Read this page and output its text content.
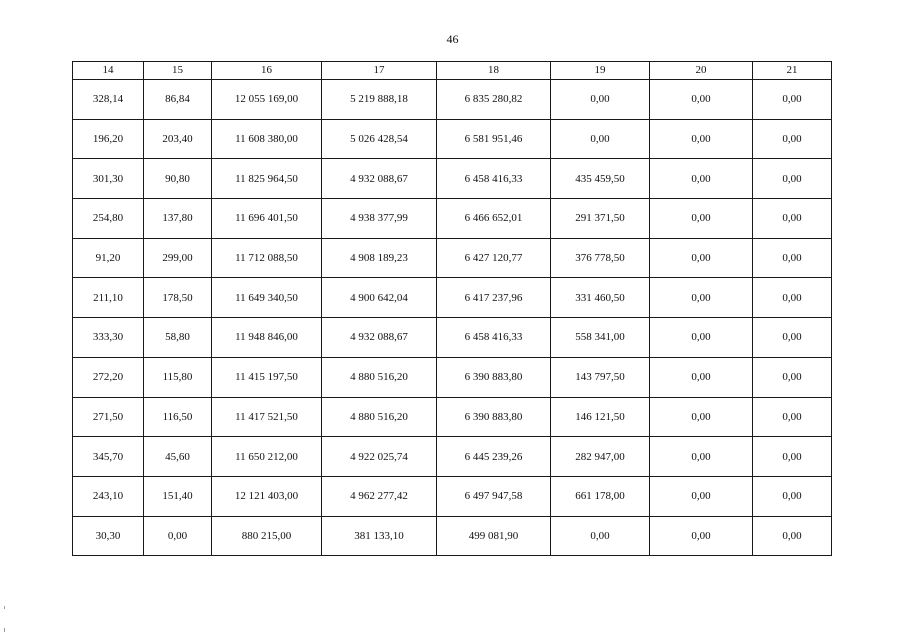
46
14	15	16	17	18	19	20	21
328,14	86,84	12 055 169,00	5 219 888,18	6 835 280,82	0,00	0,00	0,00
196,20	203,40	11 608 380,00	5 026 428,54	6 581 951,46	0,00	0,00	0,00
301,30	90,80	11 825 964,50	4 932 088,67	6 458 416,33	435 459,50	0,00	0,00
254,80	137,80	11 696 401,50	4 938 377,99	6 466 652,01	291 371,50	0,00	0,00
91,20	299,00	11 712 088,50	4 908 189,23	6 427 120,77	376 778,50	0,00	0,00
211,10	178,50	11 649 340,50	4 900 642,04	6 417 237,96	331 460,50	0,00	0,00
333,30	58,80	11 948 846,00	4 932 088,67	6 458 416,33	558 341,00	0,00	0,00
272,20	115,80	11 415 197,50	4 880 516,20	6 390 883,80	143 797,50	0,00	0,00
271,50	116,50	11 417 521,50	4 880 516,20	6 390 883,80	146 121,50	0,00	0,00
345,70	45,60	11 650 212,00	4 922 025,74	6 445 239,26	282 947,00	0,00	0,00
243,10	151,40	12 121 403,00	4 962 277,42	6 497 947,58	661 178,00	0,00	0,00
30,30	0,00	880 215,00	381 133,10	499 081,90	0,00	0,00	0,00
